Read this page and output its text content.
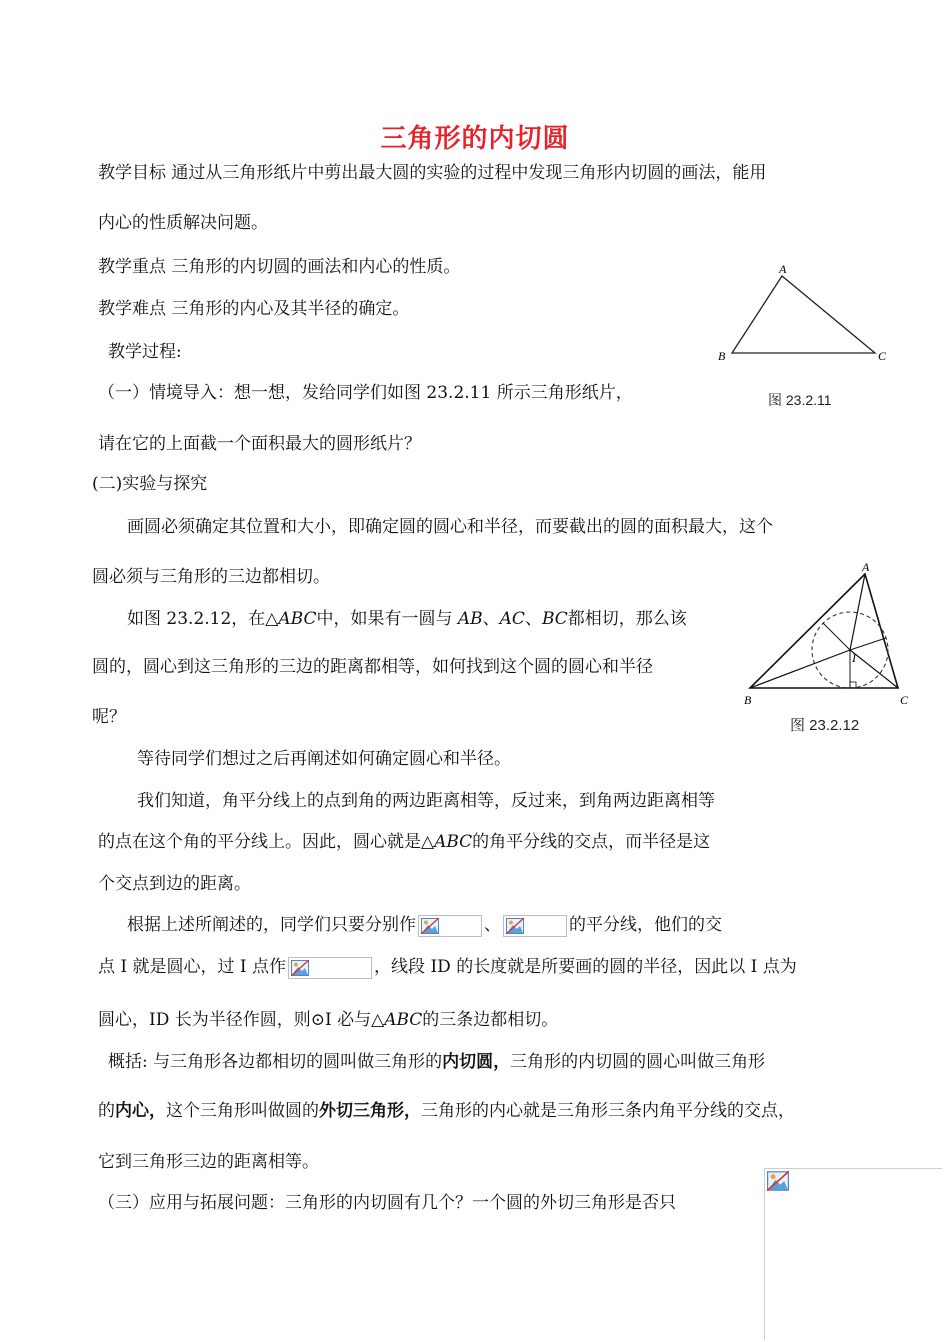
三角形的内切圆
教学目标 通过从三角形纸片中剪出最大圆的实验的过程中发现三角形内切圆的画法，能用
内心的性质解决问题。
教学重点 三角形的内切圆的画法和内心的性质。
教学难点 三角形的内心及其半径的确定。
教学过程:
（一）情境导入：想一想，发给同学们如图 23.2.11 所示三角形纸片，
请在它的上面截一个面积最大的圆形纸片？
(二)实验与探究
画圆必须确定其位置和大小，即确定圆的圆心和半径，而要截出的圆的面积最大，这个
圆必须与三角形的三边都相切。
如图 23.2.12，在△ABC中，如果有一圆与 AB、AC、BC都相切，那么该
圆的，圆心到这三角形的三边的距离都相等，如何找到这个圆的圆心和半径
呢？
等待同学们想过之后再阐述如何确定圆心和半径。
我们知道，角平分线上的点到角的两边距离相等，反过来，到角两边距离相等
的点在这个角的平分线上。因此，圆心就是△ABC的角平分线的交点，而半径是这
个交点到边的距离。
根据上述所阐述的，同学们只要分别作	、	的平分线，他们的交
点 I 就是圆心，过 I 点作	，线段 ID 的长度就是所要画的圆的半径，因此以 I 点为
圆心，ID 长为半径作圆，则⊙I 必与△ABC的三条边都相切。
概括: 与三角形各边都相切的圆叫做三角形的内切圆，三角形的内切圆的圆心叫做三角形
的内心，这个三角形叫做圆的外切三角形，三角形的内心就是三角形三条内角平分线的交点，
它到三角形三边的距离相等。
（三）应用与拓展问题：三角形的内切圆有几个？一个圆的外切三角形是否只
A
B	C
图 23.2.11
A
B	C
I
图 23.2.12
